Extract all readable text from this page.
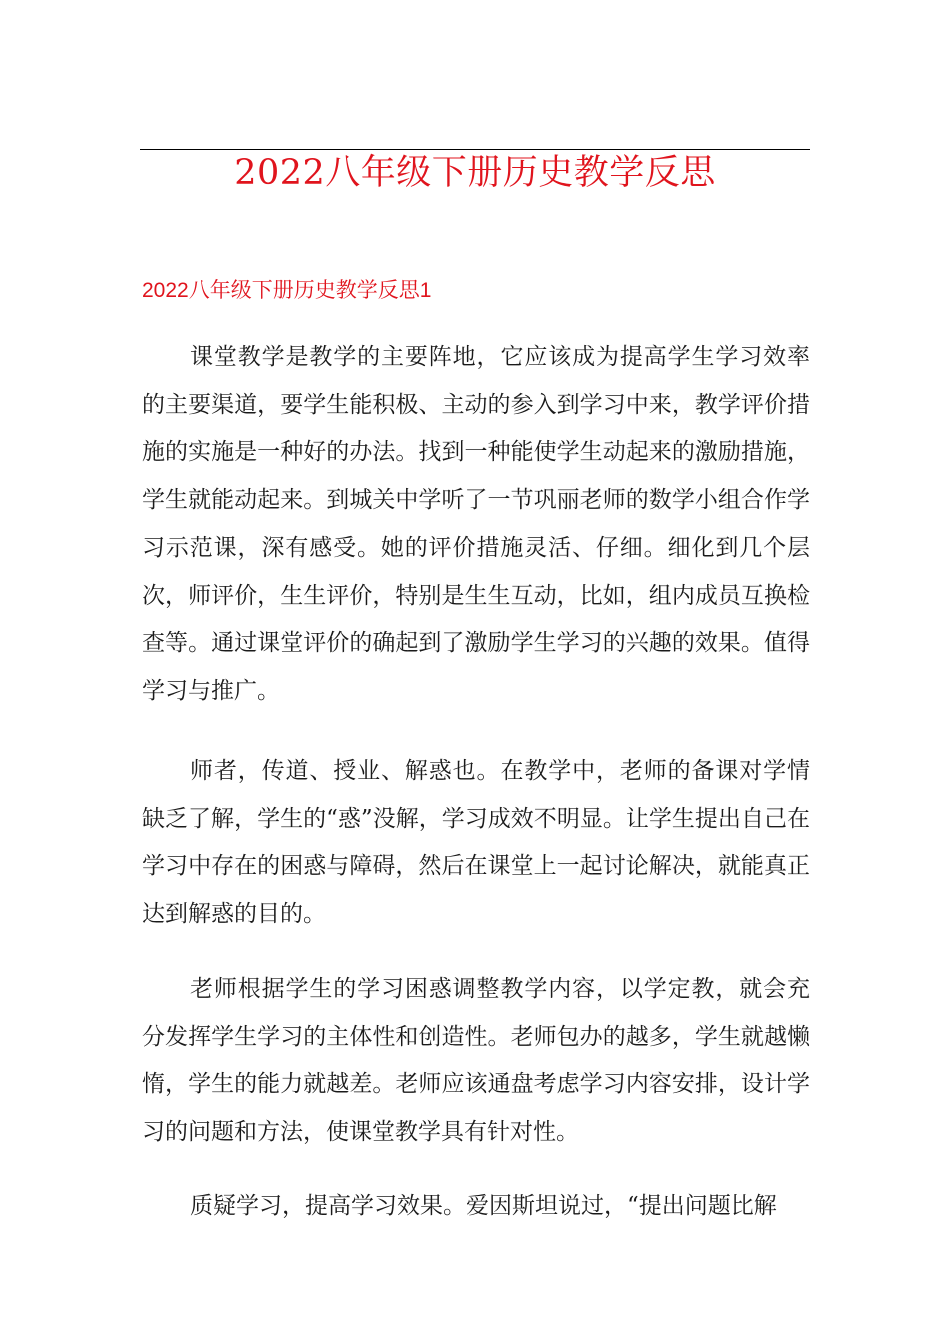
2022八年级下册历史教学反思
2022八年级下册历史教学反思1

课堂教学是教学的主要阵地，它应该成为提高学生学习效率的主要渠道，要学生能积极、主动的参入到学习中来，教学评价措施的实施是一种好的办法。找到一种能使学生动起来的激励措施，学生就能动起来。到城关中学听了一节巩丽老师的数学小组合作学习示范课，深有感受。她的评价措施灵活、仔细。细化到几个层次，师评价，生生评价，特别是生生互动，比如，组内成员互换检查等。通过课堂评价的确起到了激励学生学习的兴趣的效果。值得学习与推广。

师者，传道、授业、解惑也。在教学中，老师的备课对学情缺乏了解，学生的“惑”没解，学习成效不明显。让学生提出自己在学习中存在的困惑与障碍，然后在课堂上一起讨论解决，就能真正达到解惑的目的。

老师根据学生的学习困惑调整教学内容，以学定教，就会充分发挥学生学习的主体性和创造性。老师包办的越多，学生就越懒惰，学生的能力就越差。老师应该通盘考虑学习内容安排，设计学习的问题和方法，使课堂教学具有针对性。

质疑学习，提高学习效果。爱因斯坦说过，“提出问题比解
